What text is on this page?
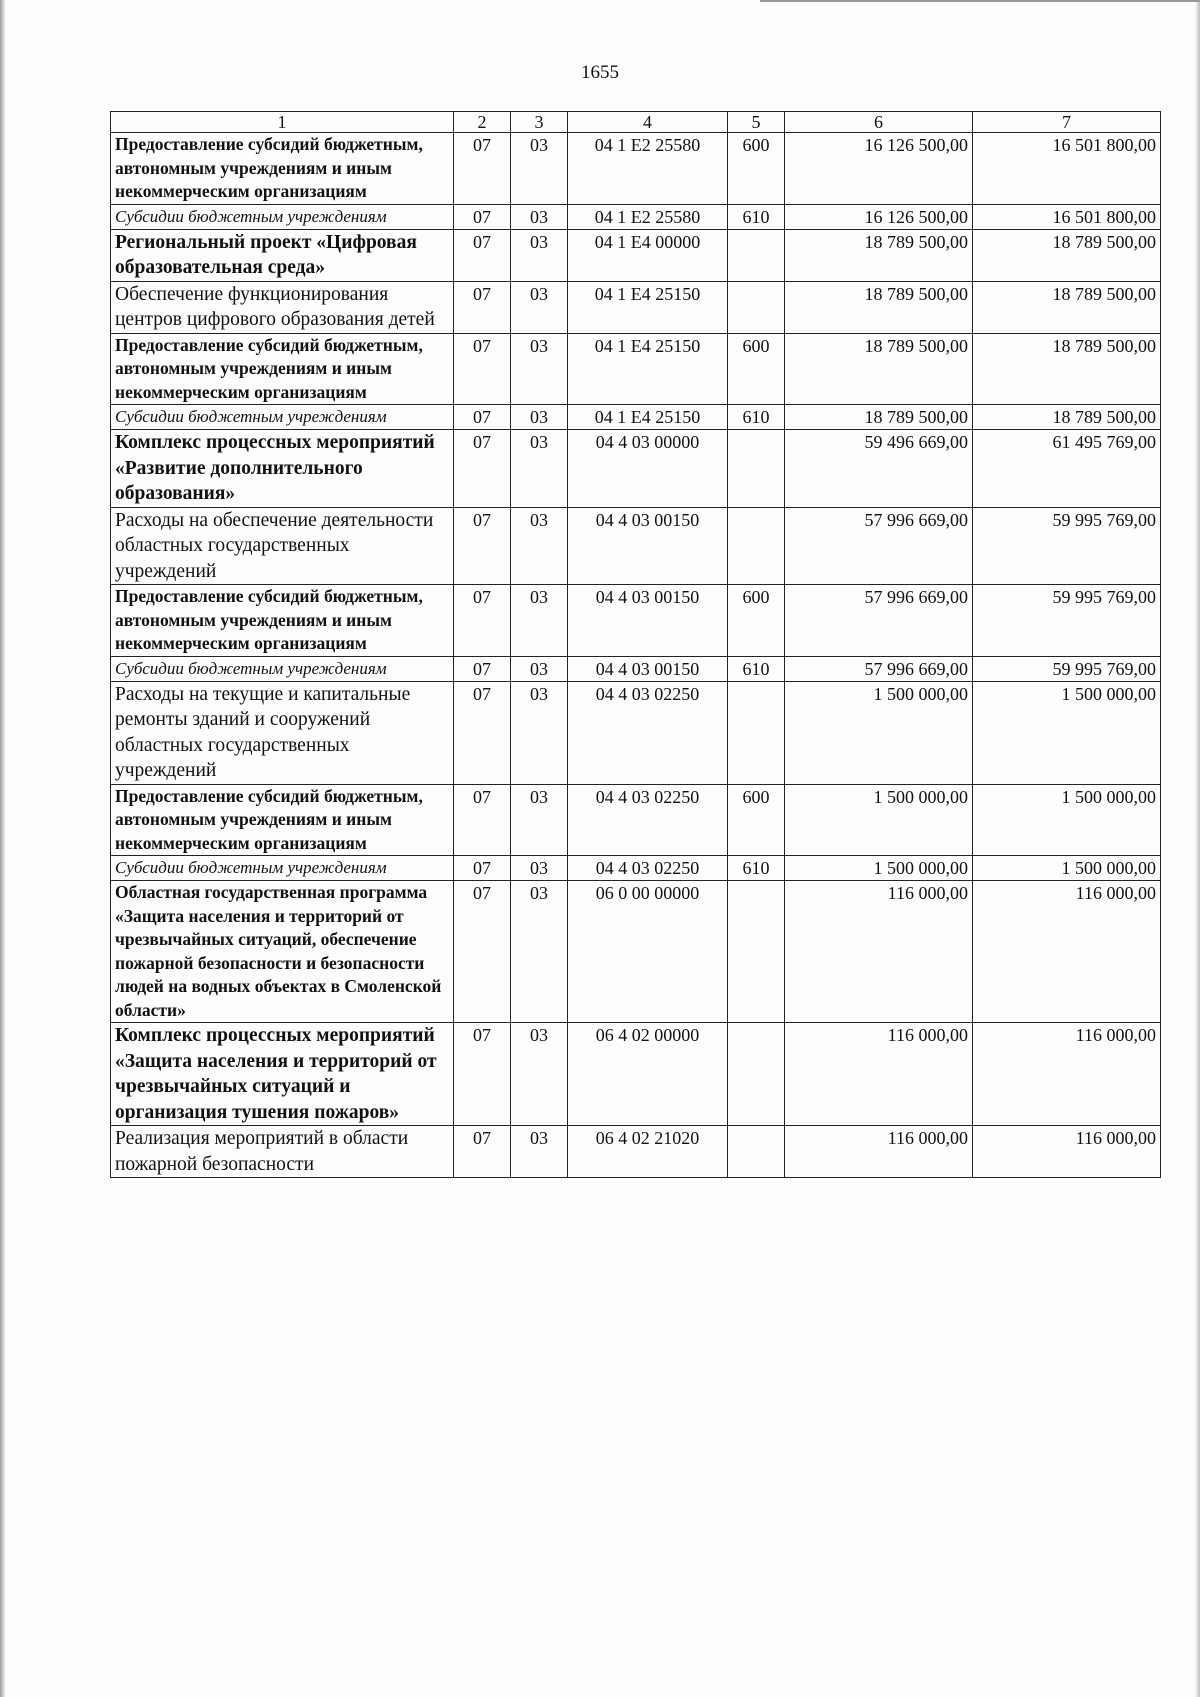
1655
1	2	3	4	5	6	7
Предоставление субсидий бюджетным, автономным учреждениям и иным некоммерческим организациям	07	03	04 1 E2 25580	600	16 126 500,00	16 501 800,00
Субсидии бюджетным учреждениям	07	03	04 1 E2 25580	610	16 126 500,00	16 501 800,00
Региональный проект «Цифровая образовательная среда»	07	03	04 1 E4 00000		18 789 500,00	18 789 500,00
Обеспечение функционирования центров цифрового образования детей	07	03	04 1 E4 25150		18 789 500,00	18 789 500,00
Предоставление субсидий бюджетным, автономным учреждениям и иным некоммерческим организациям	07	03	04 1 E4 25150	600	18 789 500,00	18 789 500,00
Субсидии бюджетным учреждениям	07	03	04 1 E4 25150	610	18 789 500,00	18 789 500,00
Комплекс процессных мероприятий «Развитие дополнительного образования»	07	03	04 4 03 00000		59 496 669,00	61 495 769,00
Расходы на обеспечение деятельности областных государственных учреждений	07	03	04 4 03 00150		57 996 669,00	59 995 769,00
Предоставление субсидий бюджетным, автономным учреждениям и иным некоммерческим организациям	07	03	04 4 03 00150	600	57 996 669,00	59 995 769,00
Субсидии бюджетным учреждениям	07	03	04 4 03 00150	610	57 996 669,00	59 995 769,00
Расходы на текущие и капитальные ремонты зданий и сооружений областных государственных учреждений	07	03	04 4 03 02250		1 500 000,00	1 500 000,00
Предоставление субсидий бюджетным, автономным учреждениям и иным некоммерческим организациям	07	03	04 4 03 02250	600	1 500 000,00	1 500 000,00
Субсидии бюджетным учреждениям	07	03	04 4 03 02250	610	1 500 000,00	1 500 000,00
Областная государственная программа «Защита населения и территорий от чрезвычайных ситуаций, обеспечение пожарной безопасности и безопасности людей на водных объектах в Смоленской области»	07	03	06 0 00 00000		116 000,00	116 000,00
Комплекс процессных мероприятий «Защита населения и территорий от чрезвычайных ситуаций и организация тушения пожаров»	07	03	06 4 02 00000		116 000,00	116 000,00
Реализация мероприятий в области пожарной безопасности	07	03	06 4 02 21020		116 000,00	116 000,00
